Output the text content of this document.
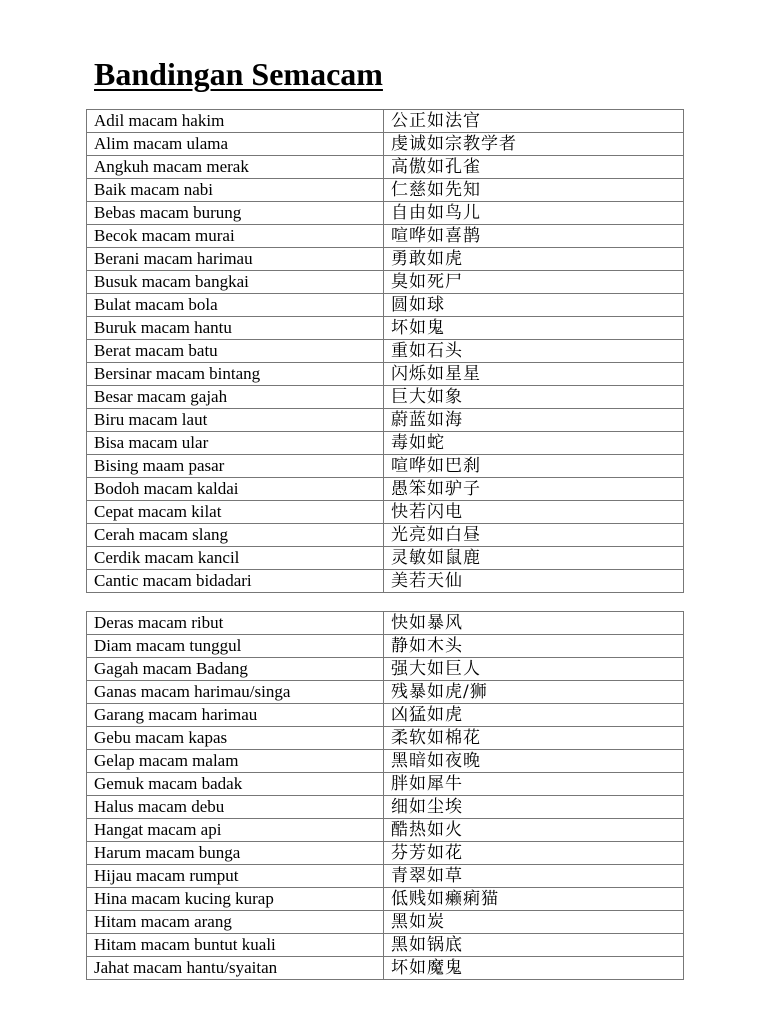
Bandingan Semacam
Adil macam hakim	公正如法官
Alim macam ulama	虔诚如宗教学者
Angkuh macam merak	高傲如孔雀
Baik macam nabi	仁慈如先知
Bebas macam burung	自由如鸟儿
Becok macam murai	喧哗如喜鹊
Berani macam harimau	勇敢如虎
Busuk macam bangkai	臭如死尸
Bulat macam bola	圆如球
Buruk macam hantu	坏如鬼
Berat macam batu	重如石头
Bersinar macam bintang	闪烁如星星
Besar macam gajah	巨大如象
Biru macam laut	蔚蓝如海
Bisa macam ular	毒如蛇
Bising maam pasar	喧哗如巴刹
Bodoh macam kaldai	愚笨如驴子
Cepat macam kilat	快若闪电
Cerah macam slang	光亮如白昼
Cerdik macam kancil	灵敏如鼠鹿
Cantic macam bidadari	美若天仙
Deras macam ribut	快如暴风
Diam macam tunggul	静如木头
Gagah macam Badang	强大如巨人
Ganas macam harimau/singa	残暴如虎/狮
Garang macam harimau	凶猛如虎
Gebu macam kapas	柔软如棉花
Gelap macam malam	黑暗如夜晚
Gemuk macam badak	胖如犀牛
Halus macam debu	细如尘埃
Hangat macam api	酷热如火
Harum macam bunga	芬芳如花
Hijau macam rumput	青翠如草
Hina macam kucing kurap	低贱如癞痢猫
Hitam macam arang	黑如炭
Hitam macam buntut kuali	黑如锅底
Jahat macam hantu/syaitan	坏如魔鬼
